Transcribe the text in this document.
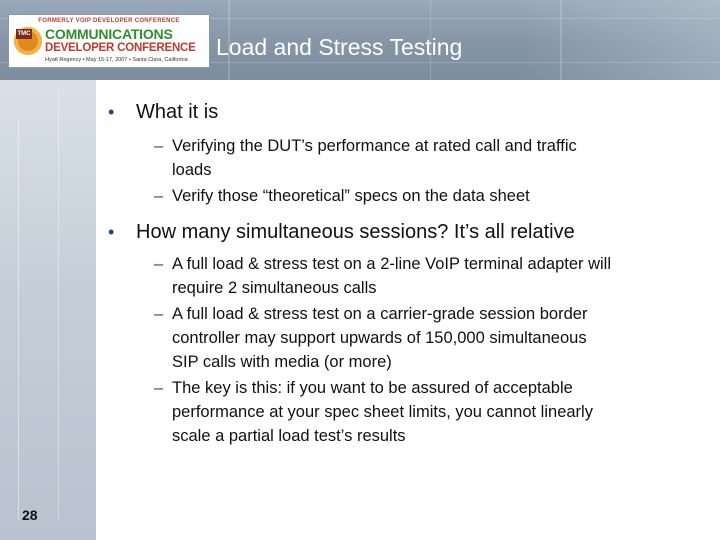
FORMERLY VOIP DEVELOPER CONFERENCE
TMC COMMUNICATIONS
DEVELOPER CONFERENCE
Hyatt Regency • May 15-17, 2007 • Santa Clara, California	Load and Stress Testing
•	What it is
– Verifying the DUT’s performance at rated call and traffic
loads
– Verify those “theoretical” specs on the data sheet
•	How many simultaneous sessions? It’s all relative
– A full load & stress test on a 2-line VoIP terminal adapter will
require 2 simultaneous calls
– A full load & stress test on a carrier-grade session border
controller may support upwards of 150,000 simultaneous
SIP calls with media (or more)
– The key is this: if you want to be assured of acceptable
performance at your spec sheet limits, you cannot linearly
scale a partial load test’s results
28
